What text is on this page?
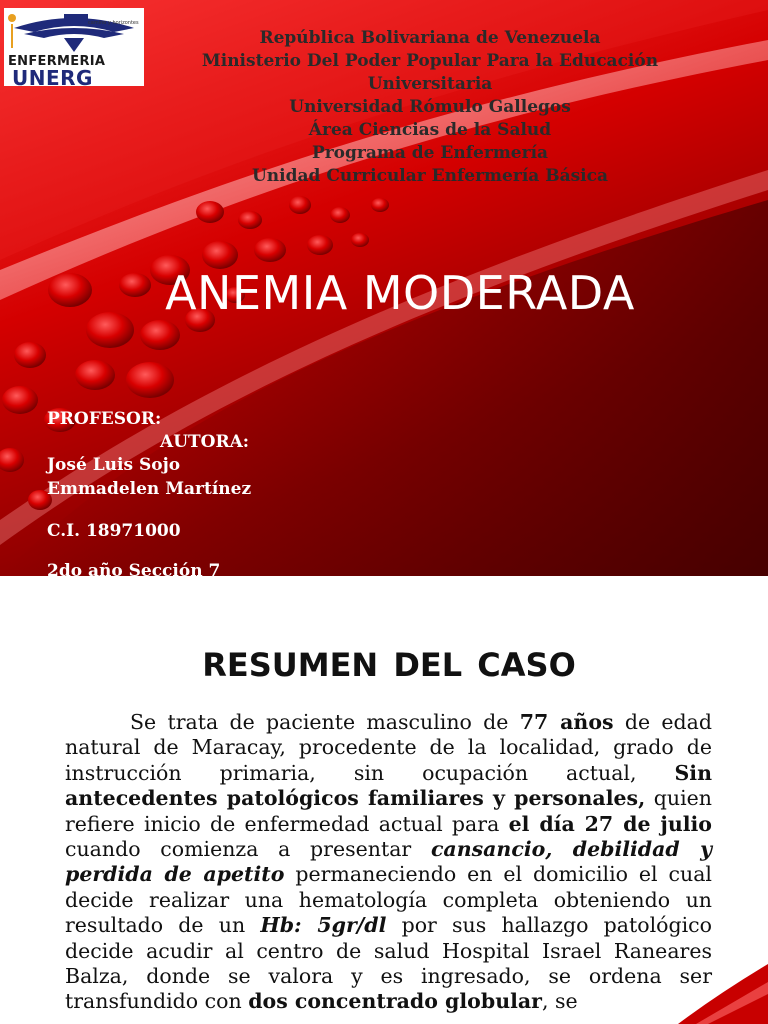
camino y horizontes
ENFERMERIA
UNERG
República Bolivariana de Venezuela
Ministerio Del Poder Popular Para la Educación
Universitaria
Universidad Rómulo Gallegos
Área Ciencias de la Salud
Programa de Enfermería
Unidad Curricular Enfermería Básica
ANEMIA MODERADA
PROFESOR:
AUTORA:
José Luis Sojo
Emmadelen Martínez
C.I. 18971000
2do año Sección 7
RESUMEN DEL CASO
Se trata de paciente masculino de 77 años de edad natural de Maracay, procedente de la localidad, grado de instrucción primaria, sin ocupación actual, Sin antecedentes patológicos familiares y personales, quien refiere inicio de enfermedad actual para el día 27 de julio cuando comienza a presentar cansancio, debilidad y perdida de apetito permaneciendo en el domicilio el cual decide realizar una hematología completa obteniendo un resultado de un Hb: 5gr/dl por sus hallazgo patológico decide acudir al centro de salud Hospital Israel Raneares Balza, donde se valora y es ingresado, se ordena ser transfundido con dos concentrado globular, se
